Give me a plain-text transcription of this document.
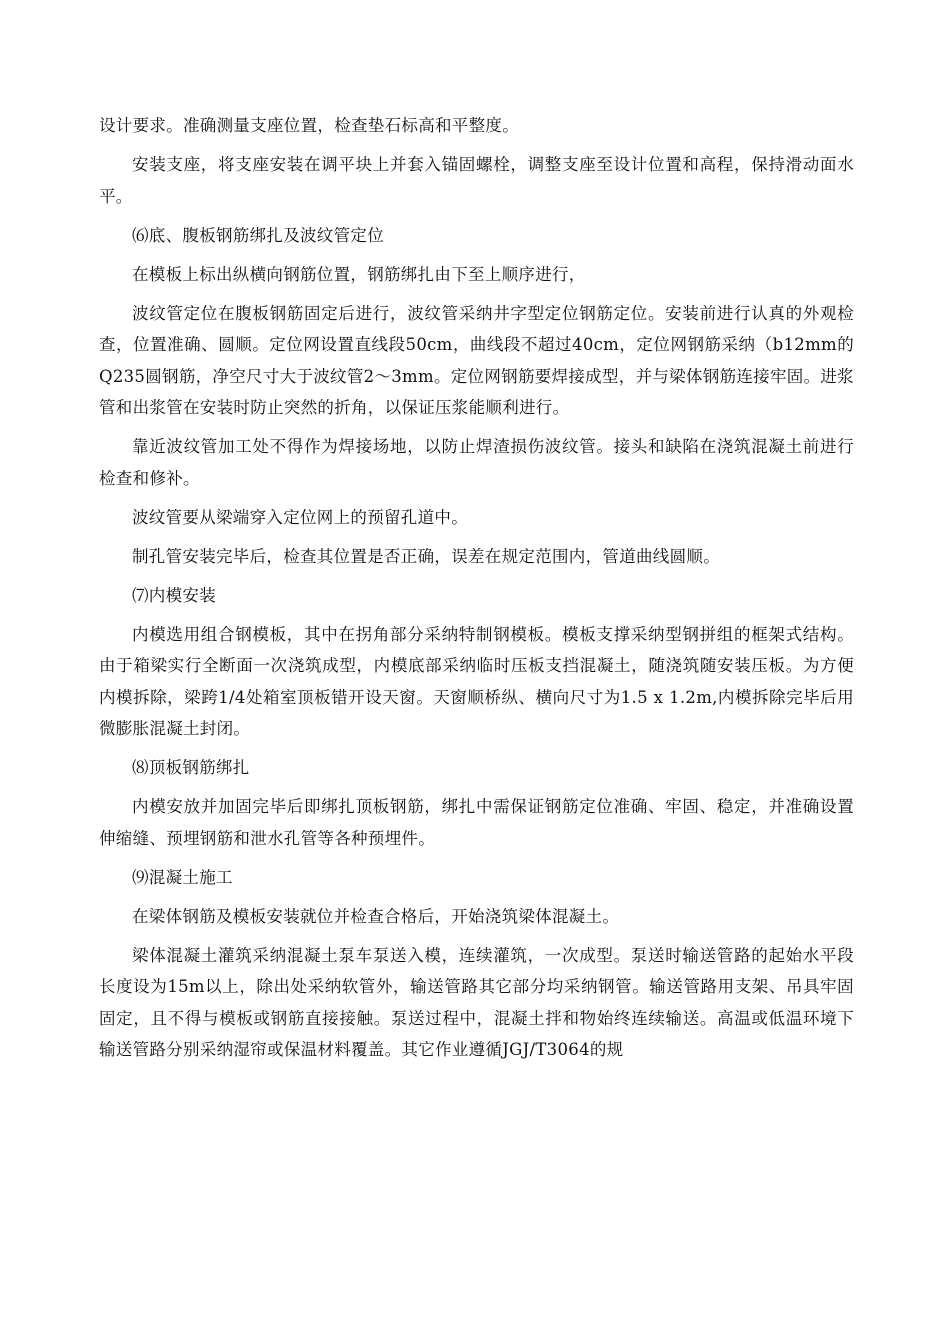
设计要求。准确测量支座位置，检查垫石标高和平整度。

安装支座，将支座安装在调平块上并套入锚固螺栓，调整支座至设计位置和高程，保持滑动面水平。

⑹底、腹板钢筋绑扎及波纹管定位

在模板上标出纵横向钢筋位置，钢筋绑扎由下至上顺序进行，

波纹管定位在腹板钢筋固定后进行，波纹管采纳井字型定位钢筋定位。安装前进行认真的外观检查，位置准确、圆顺。定位网设置直线段50cm，曲线段不超过40cm，定位网钢筋采纳（b12mm的Q235圆钢筋，净空尺寸大于波纹管2〜3mm。定位网钢筋要焊接成型，并与梁体钢筋连接牢固。进浆管和出浆管在安装时防止突然的折角，以保证压浆能顺利进行。

靠近波纹管加工处不得作为焊接场地，以防止焊渣损伤波纹管。接头和缺陷在浇筑混凝土前进行检查和修补。

波纹管要从梁端穿入定位网上的预留孔道中。

制孔管安装完毕后，检查其位置是否正确，误差在规定范围内，管道曲线圆顺。

⑺内模安装

内模选用组合钢模板，其中在拐角部分采纳特制钢模板。模板支撑采纳型钢拼组的框架式结构。由于箱梁实行全断面一次浇筑成型，内模底部采纳临时压板支挡混凝土，随浇筑随安装压板。为方便内模拆除，梁跨1/4处箱室顶板错开设天窗。天窗顺桥纵、横向尺寸为1.5 x 1.2m,内模拆除完毕后用微膨胀混凝土封闭。

⑻顶板钢筋绑扎

内模安放并加固完毕后即绑扎顶板钢筋，绑扎中需保证钢筋定位准确、牢固、稳定，并准确设置伸缩缝、预埋钢筋和泄水孔管等各种预埋件。

⑼混凝土施工

在梁体钢筋及模板安装就位并检查合格后，开始浇筑梁体混凝土。

梁体混凝土灌筑采纳混凝土泵车泵送入模，连续灌筑，一次成型。泵送时输送管路的起始水平段长度设为15m以上，除出处采纳软管外，输送管路其它部分均采纳钢管。输送管路用支架、吊具牢固固定，且不得与模板或钢筋直接接触。泵送过程中，混凝土拌和物始终连续输送。高温或低温环境下输送管路分别采纳湿帘或保温材料覆盖。其它作业遵循JGJ/T3064的规
